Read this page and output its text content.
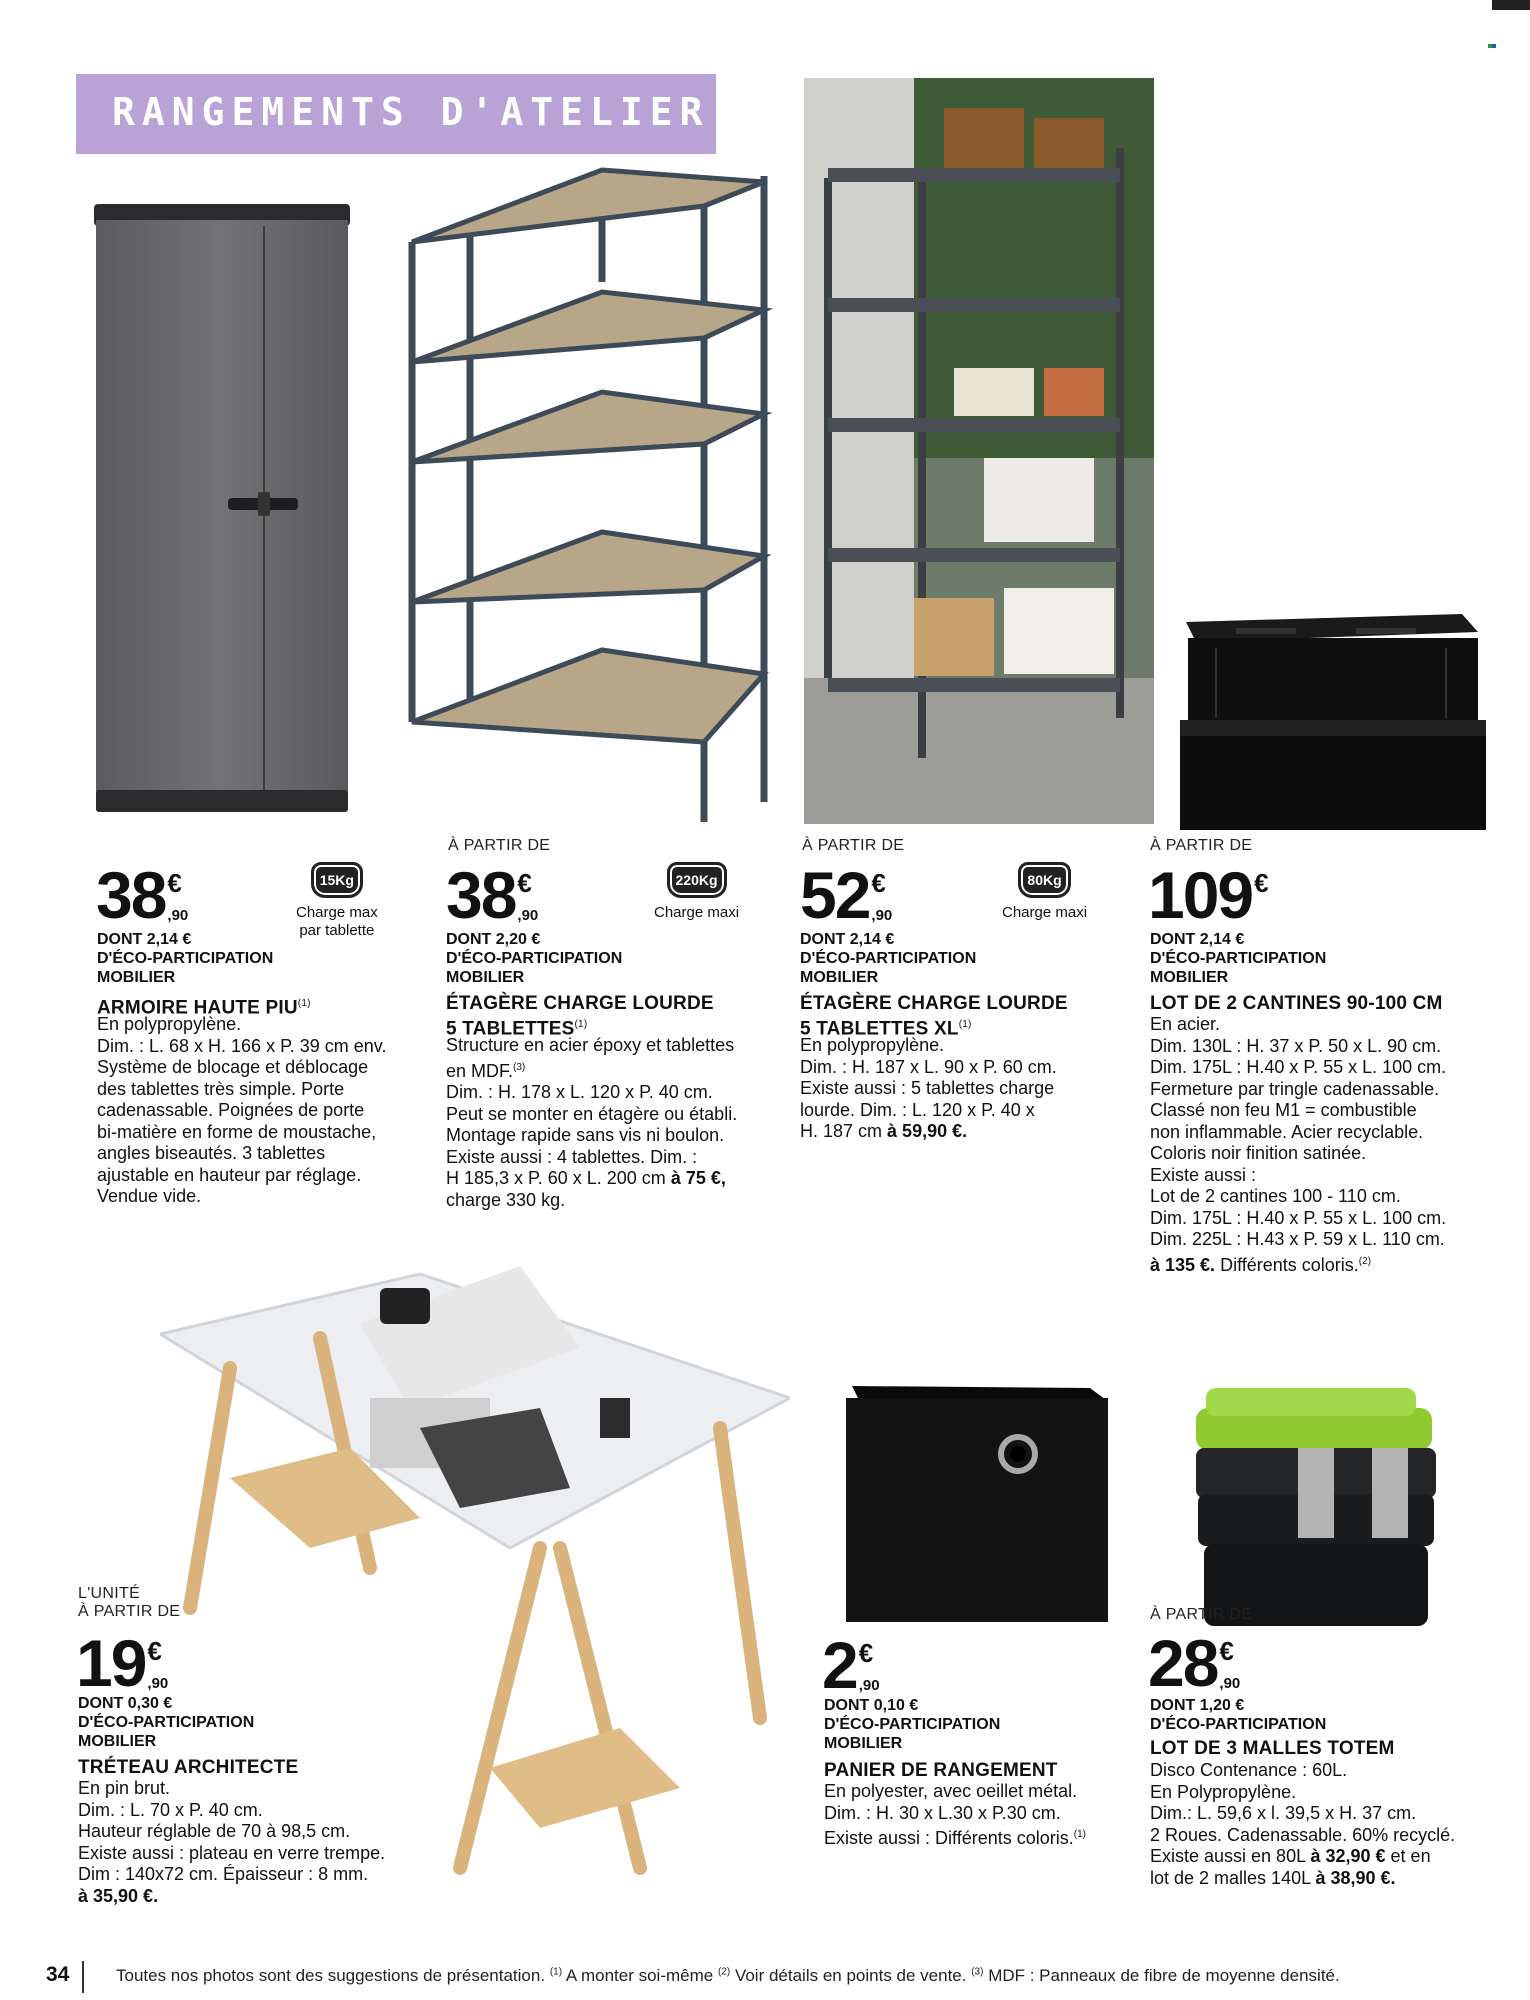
RANGEMENTS D'ATELIER
38 €
,90
15Kg
Charge max
par tablette
DONT 2,14 €
D'ÉCO-PARTICIPATION
MOBILIER
ARMOIRE HAUTE PIU$^{(1)}$
En polypropylène.
Dim. : L. 68 x H. 166 x P. 39 cm env.
Système de blocage et déblocage
des tablettes très simple. Porte
cadenassable. Poignées de porte
bi-matière en forme de moustache,
angles biseautés. 3 tablettes
ajustable en hauteur par réglage.
Vendue vide.
À PARTIR DE
38 €
,90
220Kg
Charge maxi
DONT 2,20 €
D'ÉCO-PARTICIPATION
MOBILIER
ÉTAGÈRE CHARGE LOURDE
5 TABLETTES$^{(1)}$
Structure en acier époxy et tablettes
en MDF.$^{(3)}$
Dim. : H. 178 x L. 120 x P. 40 cm.
Peut se monter en étagère ou établi.
Montage rapide sans vis ni boulon.
Existe aussi : 4 tablettes. Dim. :
H 185,3 x P. 60 x L. 200 cm à 75 €,
charge 330 kg.
À PARTIR DE
52 €
,90
80Kg
Charge maxi
DONT 2,14 €
D'ÉCO-PARTICIPATION
MOBILIER
ÉTAGÈRE CHARGE LOURDE
5 TABLETTES XL$^{(1)}$
En polypropylène.
Dim. : H. 187 x L. 90 x P. 60 cm.
Existe aussi : 5 tablettes charge
lourde. Dim. : L. 120 x P. 40 x
H. 187 cm à 59,90 €.
À PARTIR DE
109 €
DONT 2,14 €
D'ÉCO-PARTICIPATION
MOBILIER
LOT DE 2 CANTINES 90-100 CM
En acier.
Dim. 130L : H. 37 x P. 50 x L. 90 cm.
Dim. 175L : H.40 x P. 55 x L. 100 cm.
Fermeture par tringle cadenassable.
Classé non feu M1 = combustible
non inflammable. Acier recyclable.
Coloris noir finition satinée.
Existe aussi :
Lot de 2 cantines 100 - 110 cm.
Dim. 175L : H.40 x P. 55 x L. 100 cm.
Dim. 225L : H.43 x P. 59 x L. 110 cm.
à 135 €. Différents coloris.$^{(2)}$
L'UNITÉ
À PARTIR DE
19 €
,90
DONT 0,30 €
D'ÉCO-PARTICIPATION
MOBILIER
TRÉTEAU ARCHITECTE
En pin brut.
Dim. : L. 70 x P. 40 cm.
Hauteur réglable de 70 à 98,5 cm.
Existe aussi : plateau en verre trempe.
Dim : 140x72 cm. Épaisseur : 8 mm.
à 35,90 €.
2 €
,90
DONT 0,10 €
D'ÉCO-PARTICIPATION
MOBILIER
PANIER DE RANGEMENT
En polyester, avec oeillet métal.
Dim. : H. 30 x L.30 x P.30 cm.
Existe aussi : Différents coloris.$^{(1)}$
À PARTIR DE
28 €
,90
DONT 1,20 €
D'ÉCO-PARTICIPATION
LOT DE 3 MALLES TOTEM
Disco Contenance : 60L.
En Polypropylène.
Dim.: L. 59,6 x l. 39,5 x H. 37 cm.
2 Roues. Cadenassable. 60% recyclé.
Existe aussi en 80L à 32,90 € et en
lot de 2 malles 140L à 38,90 €.
34	Toutes nos photos sont des suggestions de présentation. $^{(1)}$ A monter soi-même $^{(2)}$ Voir détails en points de vente. $^{(3)}$ MDF : Panneaux de fibre de moyenne densité.
